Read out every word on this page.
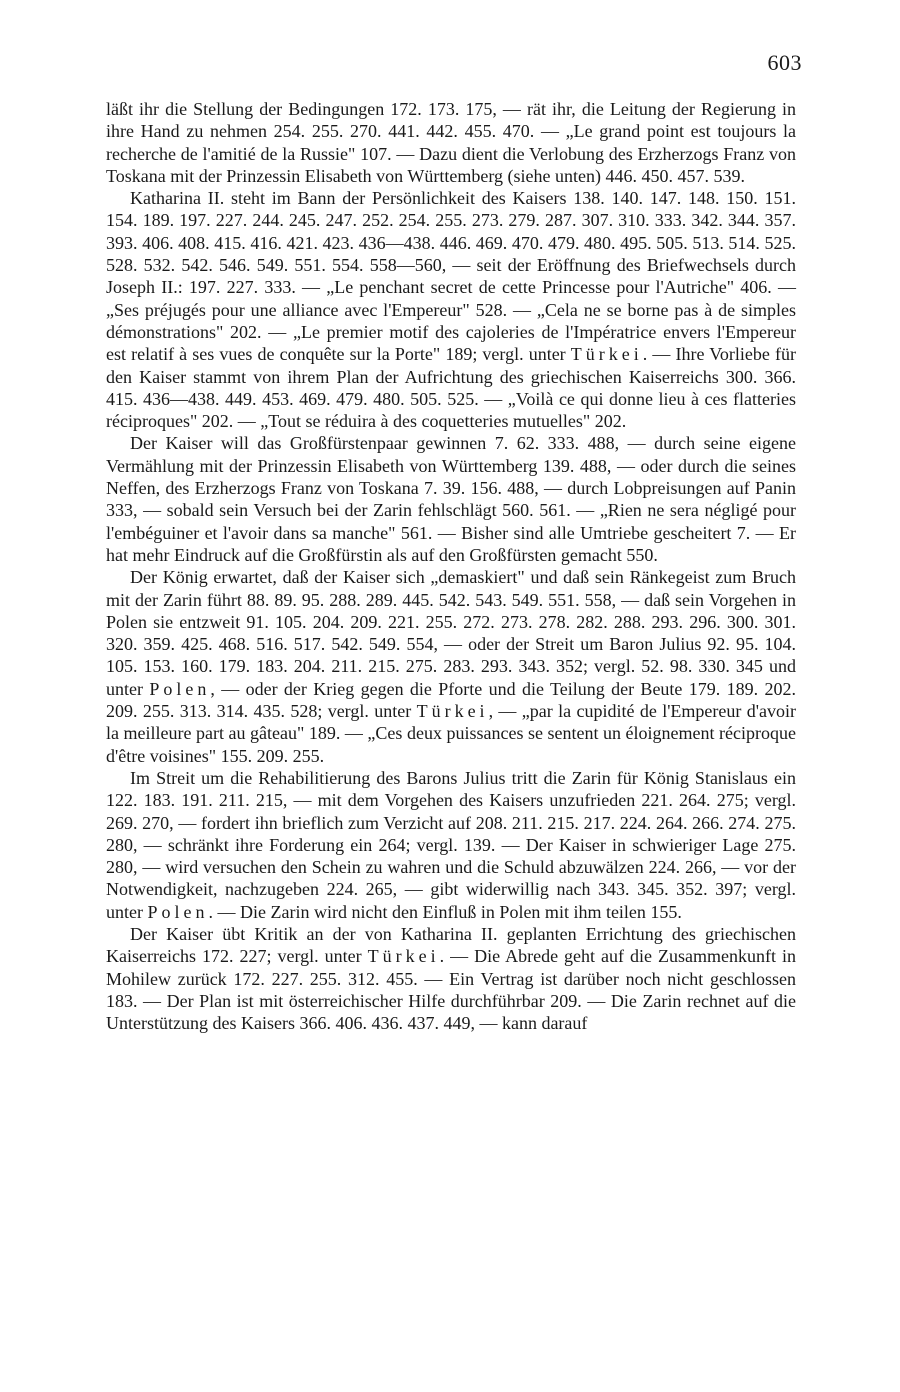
603

läßt ihr die Stellung der Bedingungen 172. 173. 175, — rät ihr, die Leitung der Regierung in ihre Hand zu nehmen 254. 255. 270. 441. 442. 455. 470. — „Le grand point est toujours la recherche de l'amitié de la Russie" 107. — Dazu dient die Verlobung des Erzherzogs Franz von Toskana mit der Prinzessin Elisabeth von Württemberg (siehe unten) 446. 450. 457. 539.

Katharina II. steht im Bann der Persönlichkeit des Kaisers 138. 140. 147. 148. 150. 151. 154. 189. 197. 227. 244. 245. 247. 252. 254. 255. 273. 279. 287. 307. 310. 333. 342. 344. 357. 393. 406. 408. 415. 416. 421. 423. 436—438. 446. 469. 470. 479. 480. 495. 505. 513. 514. 525. 528. 532. 542. 546. 549. 551. 554. 558—560, — seit der Eröffnung des Briefwechsels durch Joseph II.: 197. 227. 333. — „Le penchant secret de cette Princesse pour l'Autriche" 406. — „Ses préjugés pour une alliance avec l'Empereur" 528. — „Cela ne se borne pas à de simples démonstrations" 202. — „Le premier motif des cajoleries de l'Impératrice envers l'Empereur est relatif à ses vues de conquête sur la Porte" 189; vergl. unter Türkei. — Ihre Vorliebe für den Kaiser stammt von ihrem Plan der Aufrichtung des griechischen Kaiserreichs 300. 366. 415. 436—438. 449. 453. 469. 479. 480. 505. 525. — „Voilà ce qui donne lieu à ces flatteries réciproques" 202. — „Tout se réduira à des coquetteries mutuelles" 202.

Der Kaiser will das Großfürstenpaar gewinnen 7. 62. 333. 488, — durch seine eigene Vermählung mit der Prinzessin Elisabeth von Württemberg 139. 488, — oder durch die seines Neffen, des Erzherzogs Franz von Toskana 7. 39. 156. 488, — durch Lobpreisungen auf Panin 333, — sobald sein Versuch bei der Zarin fehlschlägt 560. 561. — „Rien ne sera négligé pour l'embéguiner et l'avoir dans sa manche" 561. — Bisher sind alle Umtriebe gescheitert 7. — Er hat mehr Eindruck auf die Großfürstin als auf den Großfürsten gemacht 550.

Der König erwartet, daß der Kaiser sich „demaskiert" und daß sein Ränkegeist zum Bruch mit der Zarin führt 88. 89. 95. 288. 289. 445. 542. 543. 549. 551. 558, — daß sein Vorgehen in Polen sie entzweit 91. 105. 204. 209. 221. 255. 272. 273. 278. 282. 288. 293. 296. 300. 301. 320. 359. 425. 468. 516. 517. 542. 549. 554, — oder der Streit um Baron Julius 92. 95. 104. 105. 153. 160. 179. 183. 204. 211. 215. 275. 283. 293. 343. 352; vergl. 52. 98. 330. 345 und unter Polen, — oder der Krieg gegen die Pforte und die Teilung der Beute 179. 189. 202. 209. 255. 313. 314. 435. 528; vergl. unter Türkei, — „par la cupidité de l'Empereur d'avoir la meilleure part au gâteau" 189. — „Ces deux puissances se sentent un éloignement réciproque d'être voisines" 155. 209. 255.

Im Streit um die Rehabilitierung des Barons Julius tritt die Zarin für König Stanislaus ein 122. 183. 191. 211. 215, — mit dem Vorgehen des Kaisers unzufrieden 221. 264. 275; vergl. 269. 270, — fordert ihn brieflich zum Verzicht auf 208. 211. 215. 217. 224. 264. 266. 274. 275. 280, — schränkt ihre Forderung ein 264; vergl. 139. — Der Kaiser in schwieriger Lage 275. 280, — wird versuchen den Schein zu wahren und die Schuld abzuwälzen 224. 266, — vor der Notwendigkeit, nachzugeben 224. 265, — gibt widerwillig nach 343. 345. 352. 397; vergl. unter Polen. — Die Zarin wird nicht den Einfluß in Polen mit ihm teilen 155.

Der Kaiser übt Kritik an der von Katharina II. geplanten Errichtung des griechischen Kaiserreichs 172. 227; vergl. unter Türkei. — Die Abrede geht auf die Zusammenkunft in Mohilew zurück 172. 227. 255. 312. 455. — Ein Vertrag ist darüber noch nicht geschlossen 183. — Der Plan ist mit österreichischer Hilfe durchführbar 209. — Die Zarin rechnet auf die Unterstützung des Kaisers 366. 406. 436. 437. 449, — kann darauf
